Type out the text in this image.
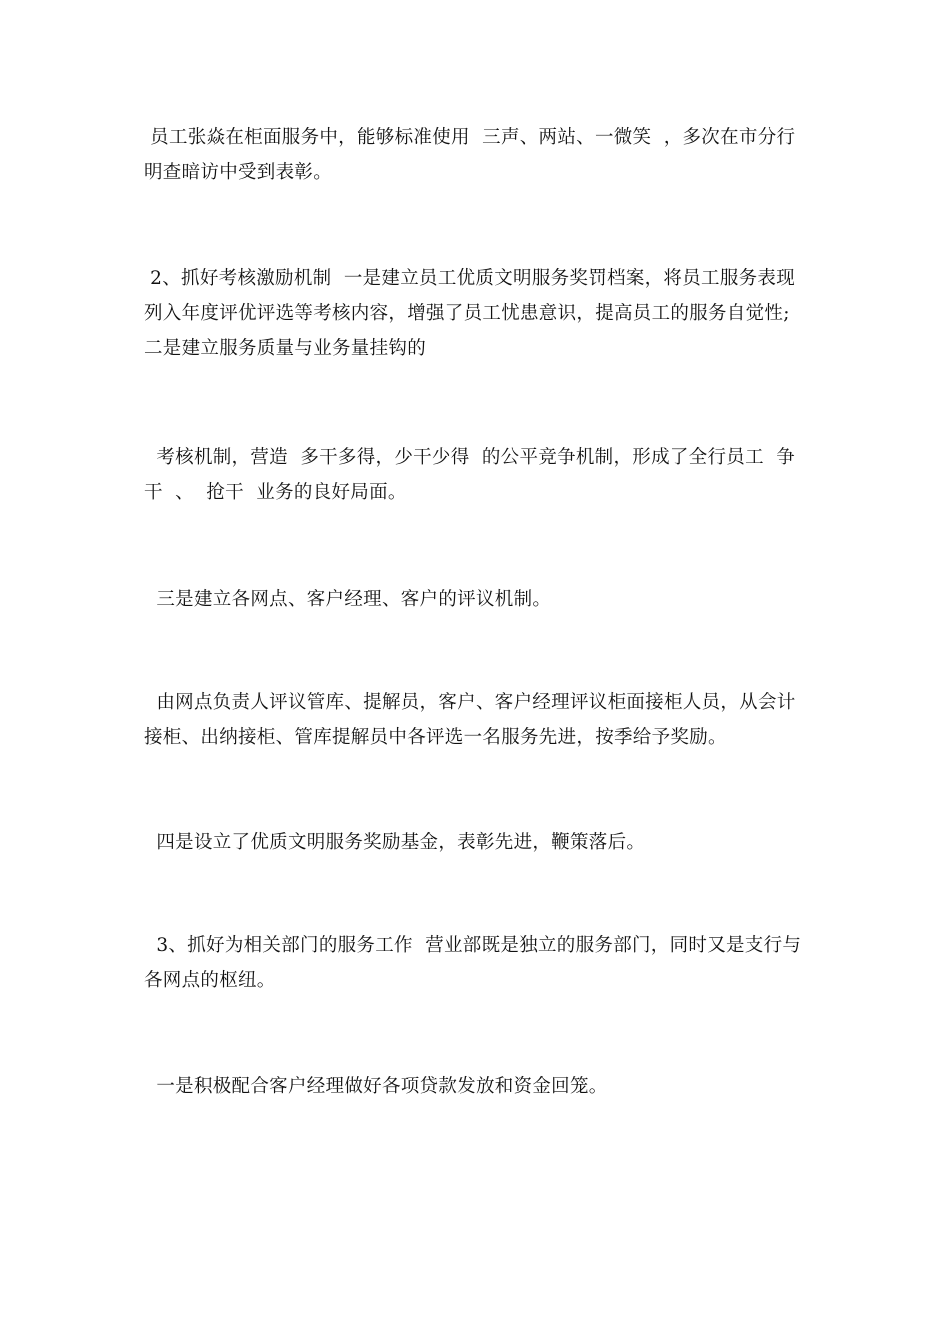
员工张焱在柜面服务中，能够标准使用  三声、两站、一微笑  ，多次在市分行
明查暗访中受到表彰。
2、抓好考核激励机制  一是建立员工优质文明服务奖罚档案，将员工服务表现
列入年度评优评选等考核内容，增强了员工忧患意识，提高员工的服务自觉性;
二是建立服务质量与业务量挂钩的
考核机制，营造  多干多得，少干少得  的公平竞争机制，形成了全行员工  争
干  、  抢干  业务的良好局面。
三是建立各网点、客户经理、客户的评议机制。
由网点负责人评议管库、提解员，客户、客户经理评议柜面接柜人员，从会计
接柜、出纳接柜、管库提解员中各评选一名服务先进，按季给予奖励。
四是设立了优质文明服务奖励基金，表彰先进，鞭策落后。
3、抓好为相关部门的服务工作  营业部既是独立的服务部门，同时又是支行与
各网点的枢纽。
一是积极配合客户经理做好各项贷款发放和资金回笼。
